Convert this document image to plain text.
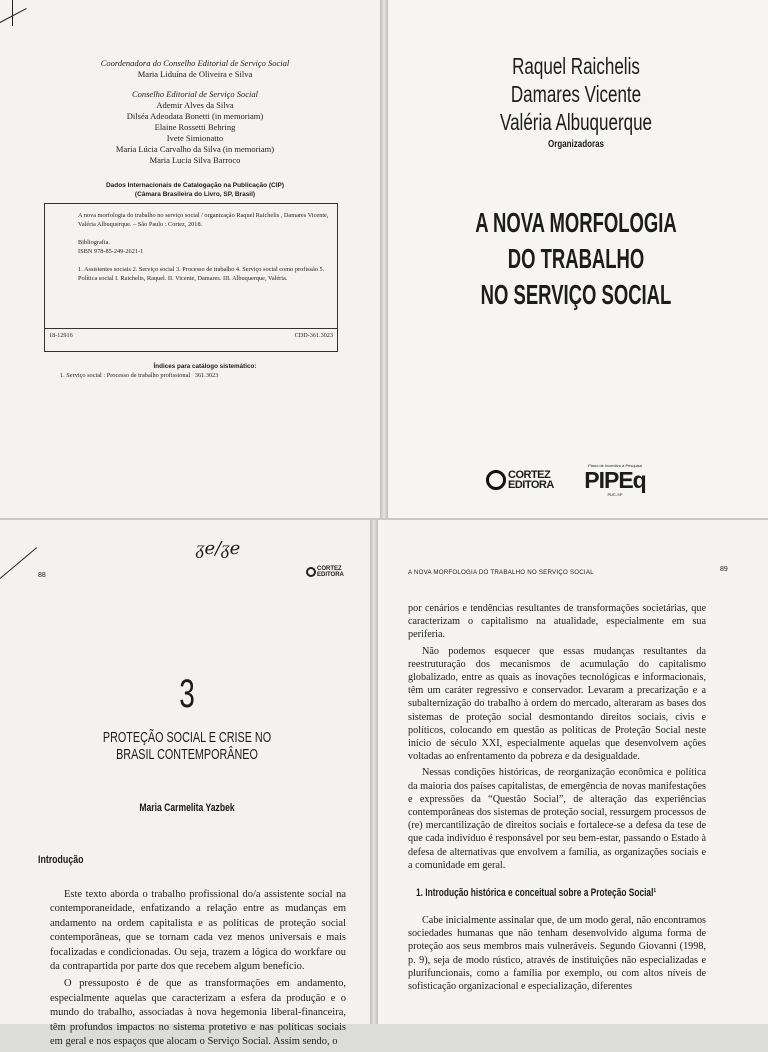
Coordenadora do Conselho Editorial de Serviço Social
Maria Liduína de Oliveira e Silva
Conselho Editorial de Serviço Social
Ademir Alves da Silva
Dilséa Adeodata Bonetti (in memoriam)
Elaine Rossetti Behring
Ivete Simionatto
Maria Lúcia Carvalho da Silva (in memoriam)
Maria Lucia Silva Barroco
Dados Internacionais de Catalogação na Publicação (CIP)
(Câmara Brasileira do Livro, SP, Brasil)

A nova morfologia do trabalho no serviço social / organização Raquel Raichelis , Damares Vicente, Valéria Albuquerque. – São Paulo : Cortez, 2018.

Bibliografia.
ISBN 978-85-249-2621-1

1. Assistentes sociais 2. Serviço social 3. Processo de trabalho 4. Serviço social como profissão 5. Política social I. Raichelis, Raquel. II. Vicente, Damares. III. Albuquerque, Valéria.

18-12916	CDD-361.3023
Índices para catálogo sistemático:
1. Serviço social : Processo de trabalho profissional   361.3023
Raquel Raichelis
Damares Vicente
Valéria Albuquerque
Organizadoras
A NOVA MORFOLOGIA
DO TRABALHO
NO SERVIÇO SOCIAL
CORTEZ
EDITORA
Plano de Incentivo à Pesquisa
PIPEq
PUC-SP
88
ᵹe/ᵹe
CORTEZ
EDITORA
3
PROTEÇÃO SOCIAL E CRISE NO
BRASIL CONTEMPORÂNEO
Maria Carmelita Yazbek
Introdução

Este texto aborda o trabalho profissional do/a assistente social na contemporaneidade, enfatizando a relação entre as mudanças em andamento na ordem capitalista e as políticas de proteção social contemporâneas, que se tornam cada vez menos universais e mais focalizadas e condicionadas. Ou seja, trazem a lógica do workfare ou da contrapartida por parte dos que recebem algum benefício.

O pressuposto é de que as transformações em andamento, especialmente aquelas que caracterizam a esfera da produção e o mundo do trabalho, associadas à nova hegemonia liberal-financeira, têm profundos impactos no sistema protetivo e nas políticas sociais em geral e nos espaços que alocam o Serviço Social. Assim sendo, o

A NOVA MORFOLOGIA DO TRABALHO NO SERVIÇO SOCIAL	89

por cenários e tendências resultantes de transformações societárias, que caracterizam o capitalismo na atualidade, especialmente em sua periferia.

Não podemos esquecer que essas mudanças resultantes da reestruturação dos mecanismos de acumulação do capitalismo globalizado, entre as quais as inovações tecnológicas e informacionais, têm um caráter regressivo e conservador. Levaram a precarização e a subalternização do trabalho à ordem do mercado, alteraram as bases dos sistemas de proteção social desmontando direitos sociais, civis e políticos, colocando em questão as políticas de Proteção Social neste início de século XXI, especialmente aquelas que desenvolvem ações voltadas ao enfrentamento da pobreza e da desigualdade.

Nessas condições históricas, de reorganização econômica e política da maioria dos países capitalistas, de emergência de novas manifestações e expressões da “Questão Social”, de alteração das experiências contemporâneas dos sistemas de proteção social, ressurgem processos de (re) mercantilização de direitos sociais e fortalece-se a defesa da tese de que cada indivíduo é responsável por seu bem-estar, passando o Estado à defesa de alternativas que envolvem a família, as organizações sociais e a comunidade em geral.

1. Introdução histórica e conceitual sobre a Proteção Social¹

Cabe inicialmente assinalar que, de um modo geral, não encontramos sociedades humanas que não tenham desenvolvido alguma forma de proteção aos seus membros mais vulneráveis. Segundo Giovanni (1998, p. 9), seja de modo rústico, através de instituições não especializadas e plurifuncionais, como a família por exemplo, ou com altos níveis de sofisticação organizacional e especialização, diferentes
